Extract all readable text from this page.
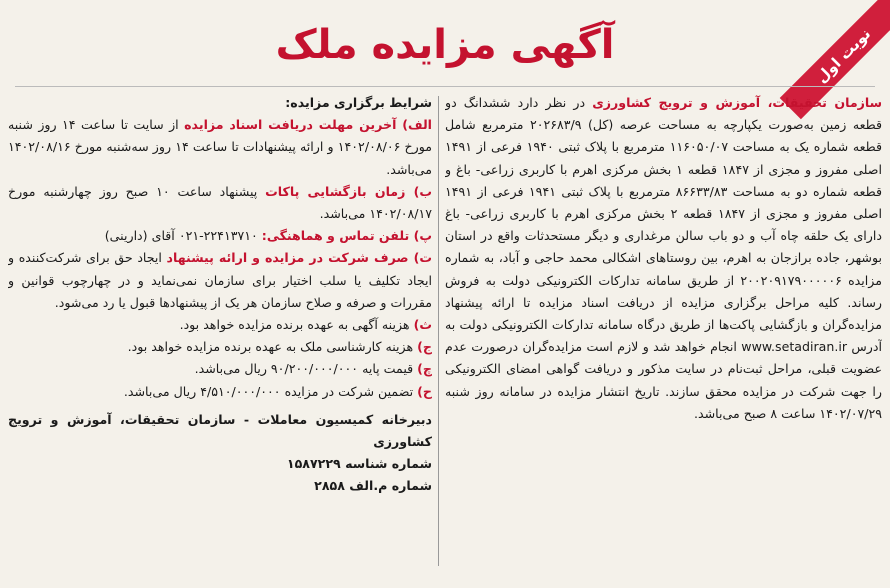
نوبت اول
آگهی مزایده ملک

سازمان تحقیقات، آموزش و ترویج کشاورزی در نظر دارد ششدانگ دو قطعه زمین به‌صورت یکپارچه به مساحت عرصه (کل) ۲۰۲۶۸۳/۹ مترمربع شامل قطعه شماره یک به مساحت ۱۱۶۰۵۰/۰۷ مترمربع با پلاک ثبتی ۱۹۴۰ فرعی از ۱۴۹۱ اصلی مفروز و مجزی از ۱۸۴۷ قطعه ۱ بخش مرکزی اهرم با کاربری زراعی- باغ و قطعه شماره دو به مساحت ۸۶۶۳۳/۸۳ مترمربع با پلاک ثبتی ۱۹۴۱ فرعی از ۱۴۹۱ اصلی مفروز و مجزی از ۱۸۴۷ قطعه ۲ بخش مرکزی اهرم با کاربری زراعی- باغ دارای یک حلقه چاه آب و دو باب سالن مرغداری و دیگر مستحدثات واقع در استان بوشهر، جاده برازجان به اهرم، بین روستاهای اشکالی محمد حاجی و آباد، به شماره مزایده ۲۰۰۲۰۹۱۷۹۰۰۰۰۰۶ از طریق سامانه تدارکات الکترونیکی دولت به فروش رساند. کلیه مراحل برگزاری مزایده از دریافت اسناد مزایده تا ارائه پیشنهاد مزایده‌گران و بازگشایی پاکت‌ها از طریق درگاه سامانه تدارکات الکترونیکی دولت به آدرس www.setadiran.ir انجام خواهد شد و لازم است مزایده‌گران درصورت عدم عضویت قبلی، مراحل ثبت‌نام در سایت مذکور و دریافت گواهی امضای الکترونیکی را جهت شرکت در مزایده محقق سازند. تاریخ انتشار مزایده در سامانه روز شنبه ۱۴۰۲/۰۷/۲۹ ساعت ۸ صبح می‌باشد.

شرایط برگزاری مزایده:

الف) آخرین مهلت دریافت اسناد مزایده از سایت تا ساعت ۱۴ روز شنبه مورخ ۱۴۰۲/۰۸/۰۶ و ارائه پیشنهادات تا ساعت ۱۴ روز سه‌شنبه مورخ ۱۴۰۲/۰۸/۱۶ می‌باشد.

ب) زمان بازگشایی پاکات پیشنهاد ساعت ۱۰ صبح روز چهارشنبه مورخ ۱۴۰۲/۰۸/۱۷ می‌باشد.

پ) تلفن تماس و هماهنگی: ۲۲۴۱۳۷۱۰-۰۲۱ آقای (دارینی)

ت) صرف شرکت در مزایده و ارائه پیشنهاد ایجاد حق برای شرکت‌کننده و ایجاد تکلیف یا سلب اختیار برای سازمان نمی‌نماید و در چهارچوب قوانین و مقررات و صرفه و صلاح سازمان هر یک از پیشنهادها قبول یا رد می‌شود.

ث) هزینه آگهی به عهده برنده مزایده خواهد بود.

ج) هزینه کارشناسی ملک به عهده برنده مزایده خواهد بود.

چ) قیمت پایه ۹۰/۲۰۰/۰۰۰/۰۰۰ ریال می‌باشد.

ح) تضمین شرکت در مزایده ۴/۵۱۰/۰۰۰/۰۰۰ ریال می‌باشد.

دبیرخانه کمیسیون معاملات - سازمان تحقیقات، آموزش و ترویج کشاورزی

شماره شناسه ۱۵۸۷۲۲۹

شماره م.الف ۲۸۵۸
